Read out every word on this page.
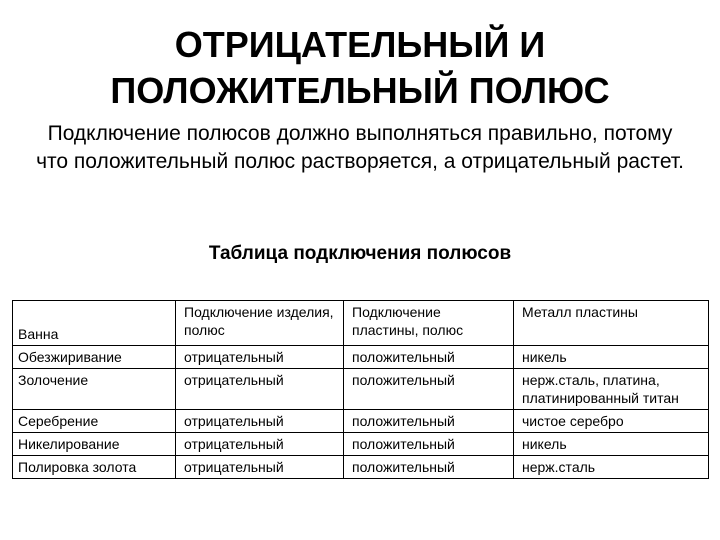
ОТРИЦАТЕЛЬНЫЙ И
ПОЛОЖИТЕЛЬНЫЙ ПОЛЮС

Подключение полюсов должно выполняться правильно, потому что положительный полюс растворяется, а отрицательный растет.

Таблица подключения полюсов
Ванна	Подключение изделия, полюс	Подключение пластины, полюс	Металл пластины
Обезжиривание	отрицательный	положительный	никель
Золочение	отрицательный	положительный	нерж.сталь, платина, платинированный титан
Серебрение	отрицательный	положительный	чистое серебро
Никелирование	отрицательный	положительный	никель
Полировка золота	отрицательный	положительный	нерж.сталь
